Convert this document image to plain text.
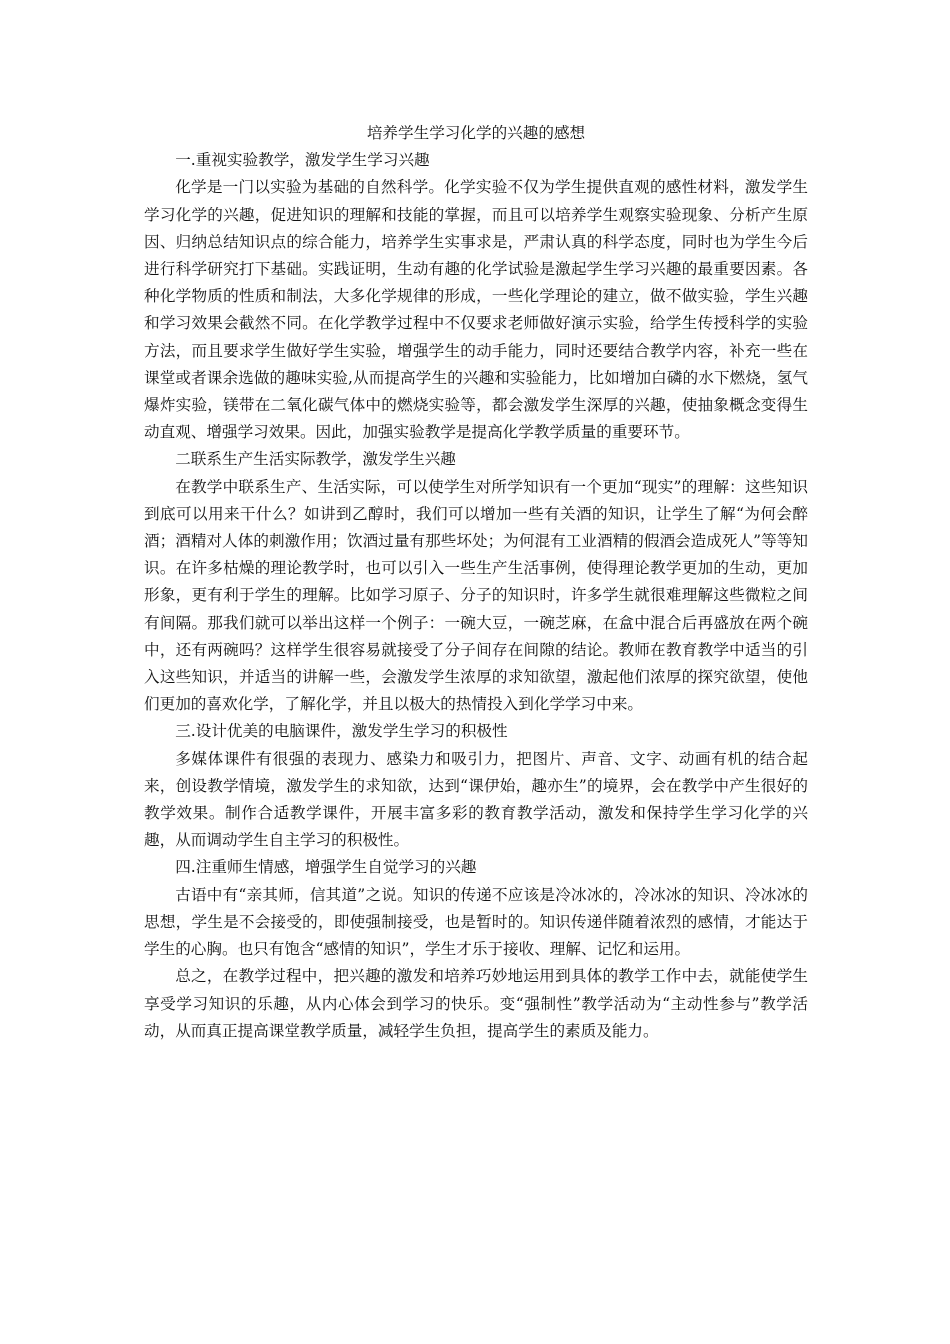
培养学生学习化学的兴趣的感想
一.重视实验教学，激发学生学习兴趣

化学是一门以实验为基础的自然科学。化学实验不仅为学生提供直观的感性材料，激发学生学习化学的兴趣，促进知识的理解和技能的掌握，而且可以培养学生观察实验现象、分析产生原因、归纳总结知识点的综合能力，培养学生实事求是，严肃认真的科学态度，同时也为学生今后进行科学研究打下基础。实践证明，生动有趣的化学试验是激起学生学习兴趣的最重要因素。各种化学物质的性质和制法，大多化学规律的形成，一些化学理论的建立，做不做实验，学生兴趣和学习效果会截然不同。在化学教学过程中不仅要求老师做好演示实验，给学生传授科学的实验方法，而且要求学生做好学生实验，增强学生的动手能力，同时还要结合教学内容，补充一些在课堂或者课余选做的趣味实验,从而提高学生的兴趣和实验能力，比如增加白磷的水下燃烧，氢气爆炸实验，镁带在二氧化碳气体中的燃烧实验等，都会激发学生深厚的兴趣，使抽象概念变得生动直观、增强学习效果。因此，加强实验教学是提高化学教学质量的重要环节。

二联系生产生活实际教学，激发学生兴趣

在教学中联系生产、生活实际，可以使学生对所学知识有一个更加“现实”的理解：这些知识到底可以用来干什么？如讲到乙醇时，我们可以增加一些有关酒的知识，让学生了解“为何会醉酒；酒精对人体的刺激作用；饮酒过量有那些坏处；为何混有工业酒精的假酒会造成死人”等等知识。在许多枯燥的理论教学时，也可以引入一些生产生活事例，使得理论教学更加的生动，更加形象，更有利于学生的理解。比如学习原子、分子的知识时，许多学生就很难理解这些微粒之间有间隔。那我们就可以举出这样一个例子：一碗大豆，一碗芝麻，在盒中混合后再盛放在两个碗中，还有两碗吗？这样学生很容易就接受了分子间存在间隙的结论。教师在教育教学中适当的引入这些知识，并适当的讲解一些，会激发学生浓厚的求知欲望，激起他们浓厚的探究欲望，使他们更加的喜欢化学，了解化学，并且以极大的热情投入到化学学习中来。

三.设计优美的电脑课件，激发学生学习的积极性

多媒体课件有很强的表现力、感染力和吸引力，把图片、声音、文字、动画有机的结合起来，创设教学情境，激发学生的求知欲，达到“课伊始，趣亦生”的境界，会在教学中产生很好的教学效果。制作合适教学课件，开展丰富多彩的教育教学活动，激发和保持学生学习化学的兴趣，从而调动学生自主学习的积极性。

四.注重师生情感，增强学生自觉学习的兴趣

古语中有“亲其师，信其道”之说。知识的传递不应该是冷冰冰的，冷冰冰的知识、冷冰冰的思想，学生是不会接受的，即使强制接受，也是暂时的。知识传递伴随着浓烈的感情，才能达于学生的心胸。也只有饱含“感情的知识”，学生才乐于接收、理解、记忆和运用。

总之，在教学过程中，把兴趣的激发和培养巧妙地运用到具体的教学工作中去，就能使学生享受学习知识的乐趣，从内心体会到学习的快乐。变“强制性”教学活动为“主动性参与”教学活动，从而真正提高课堂教学质量，减轻学生负担，提高学生的素质及能力。
